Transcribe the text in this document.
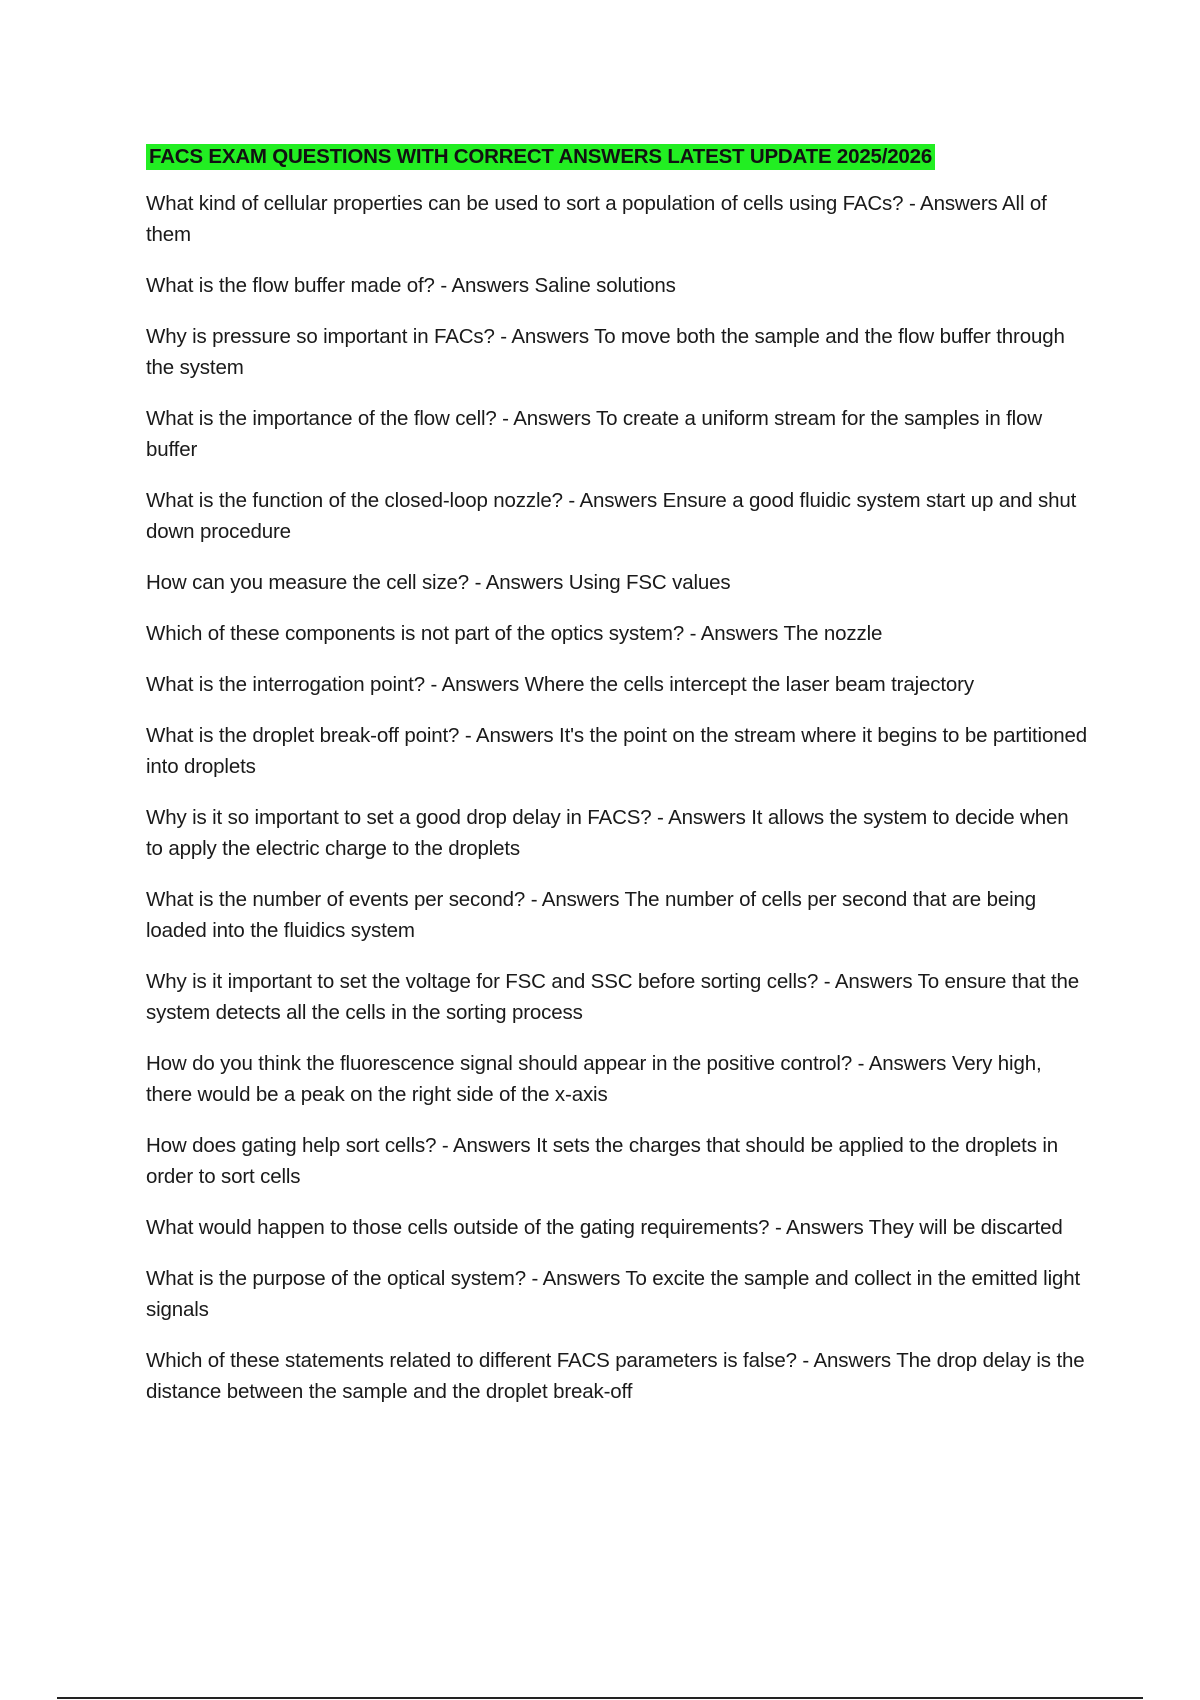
FACS EXAM QUESTIONS WITH CORRECT ANSWERS LATEST UPDATE 2025/2026
What kind of cellular properties can be used to sort a population of cells using FACs? - Answers All of them
What is the flow buffer made of? - Answers Saline solutions
Why is pressure so important in FACs? - Answers To move both the sample and the flow buffer through the system
What is the importance of the flow cell? - Answers To create a uniform stream for the samples in flow buffer
What is the function of the closed-loop nozzle? - Answers Ensure a good fluidic system start up and shut down procedure
How can you measure the cell size? - Answers Using FSC values
Which of these components is not part of the optics system? - Answers The nozzle
What is the interrogation point? - Answers Where the cells intercept the laser beam trajectory
What is the droplet break-off point? - Answers It's the point on the stream where it begins to be partitioned into droplets
Why is it so important to set a good drop delay in FACS? - Answers It allows the system to decide when to apply the electric charge to the droplets
What is the number of events per second? - Answers The number of cells per second that are being loaded into the fluidics system
Why is it important to set the voltage for FSC and SSC before sorting cells? - Answers To ensure that the system detects all the cells in the sorting process
How do you think the fluorescence signal should appear in the positive control? - Answers Very high, there would be a peak on the right side of the x-axis
How does gating help sort cells? - Answers It sets the charges that should be applied to the droplets in order to sort cells
What would happen to those cells outside of the gating requirements? - Answers They will be discarted
What is the purpose of the optical system? - Answers To excite the sample and collect in the emitted light signals
Which of these statements related to different FACS parameters is false? - Answers The drop delay is the distance between the sample and the droplet break-off
